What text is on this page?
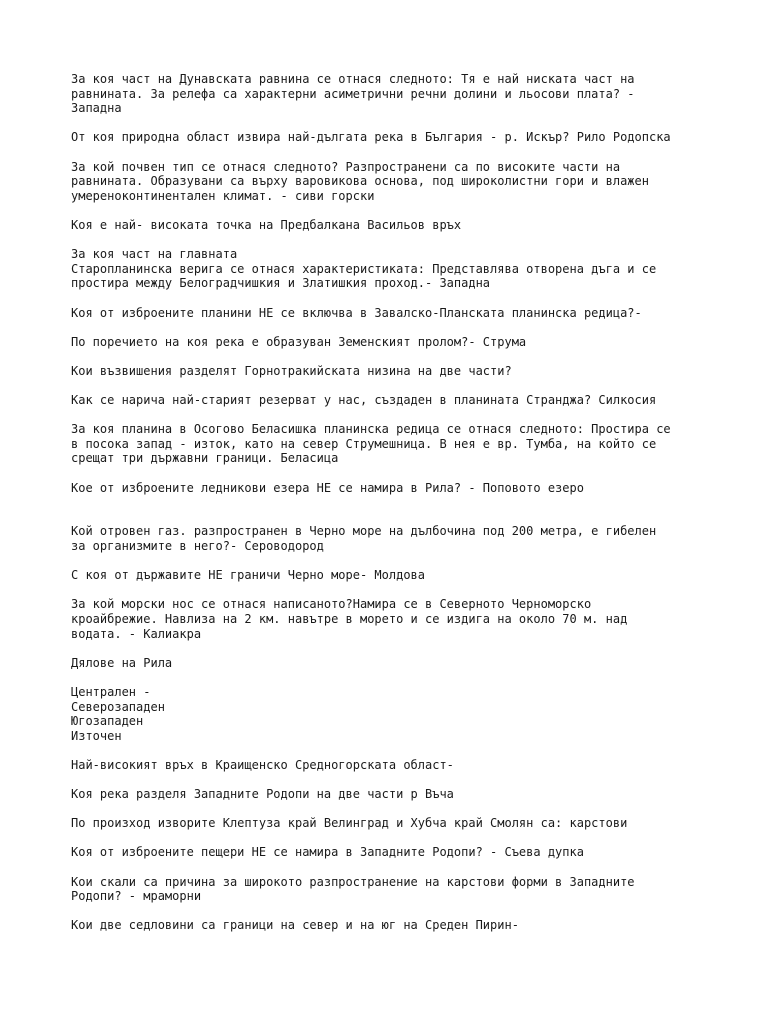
За коя част на Дунавската равнина се отнася следното: Тя е най ниската част на
равнината. За релефа са характерни асиметрични речни долини и льосови плата? -
Западна
От коя природна област извира най-дългата река в България - р. Искър? Рило Родопска
За кой почвен тип се отнася следното? Разпространени са по високите части на
равнината. Образувани са върху варовикова основа, под широколистни гори и влажен
умереноконтинентален климат. - сиви горски
Коя е най- високата точка на Предбалкана Васильов връх
За коя част на главната
Старопланинска верига се отнася характеристиката: Представлява отворена дъга и се
простира между Белоградчишкия и Златишкия проход.- Западна
Коя от изброените планини НЕ се включва в Завалско-Планската планинска редица?-
По поречието на коя река е образуван Земенският пролом?- Струма
Кои възвишения разделят Горнотракийската низина на две части?
Как се нарича най-старият резерват у нас, създаден в планината Странджа? Силкосия
За коя планина в Осогово Беласишка планинска редица се отнася следното: Простира се
в посока запад - изток, като на север Струмешница. В нея е вр. Тумба, на който се
срещат три държавни граници. Беласица
Кое от изброените ледникови езера НЕ се намира в Рила? - Поповото езеро
Кой отровен газ. разпространен в Черно море на дълбочина под 200 метра, е гибелен
за организмите в него?- Сероводород
С коя от държавите НЕ граничи Черно море- Молдова
За кой морски нос се отнася написаното?Намира се в Северното Черноморско
кроайбрежие. Навлиза на 2 км. навътре в морето и се издига на около 70 м. над
водата. - Калиакра
Дялове на Рила
Централен -
Северозападен
Югозападен
Източен
Най-високият връх в Краищенско Средногорската област-
Коя река разделя Западните Родопи на две части р Въча
По произход изворите Клептуза край Велинград и Хубча край Смолян са: карстови
Коя от изброените пещери НЕ се намира в Западните Родопи? - Съева дупка
Кои скали са причина за широкото разпространение на карстови форми в Западните
Родопи? - мраморни
Кои две седловини са граници на север и на юг на Среден Пирин-
